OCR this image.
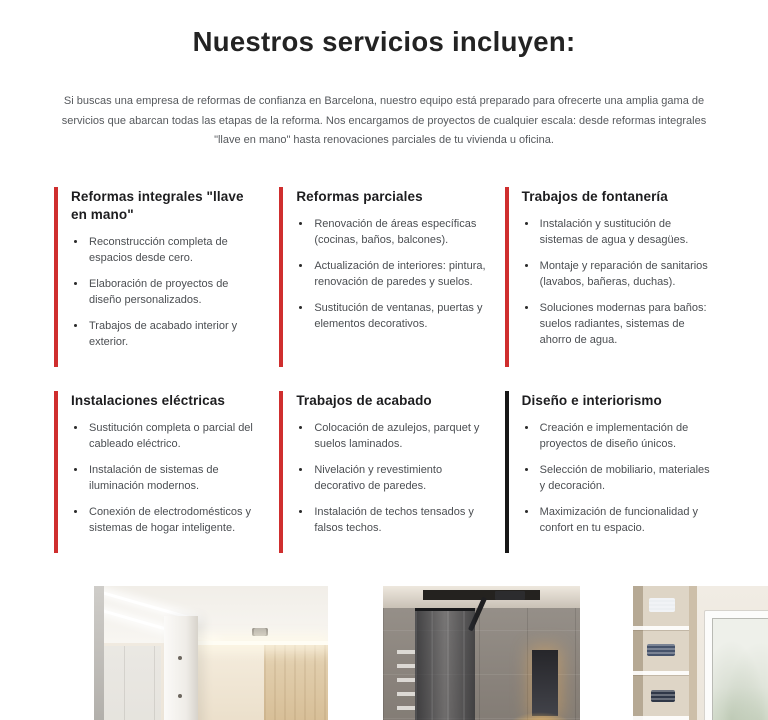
Nuestros servicios incluyen:

Si buscas una empresa de reformas de confianza en Barcelona, nuestro equipo está preparado para ofrecerte una amplia gama de servicios que abarcan todas las etapas de la reforma. Nos encargamos de proyectos de cualquier escala: desde reformas integrales "llave en mano" hasta renovaciones parciales de tu vivienda u oficina.

Reformas integrales "llave en mano"
• Reconstrucción completa de espacios desde cero.
• Elaboración de proyectos de diseño personalizados.
• Trabajos de acabado interior y exterior.
Reformas parciales
• Renovación de áreas específicas (cocinas, baños, balcones).
• Actualización de interiores: pintura, renovación de paredes y suelos.
• Sustitución de ventanas, puertas y elementos decorativos.
Trabajos de fontanería
• Instalación y sustitución de sistemas de agua y desagües.
• Montaje y reparación de sanitarios (lavabos, bañeras, duchas).
• Soluciones modernas para baños: suelos radiantes, sistemas de ahorro de agua.
Instalaciones eléctricas
• Sustitución completa o parcial del cableado eléctrico.
• Instalación de sistemas de iluminación modernos.
• Conexión de electrodomésticos y sistemas de hogar inteligente.
Trabajos de acabado
• Colocación de azulejos, parquet y suelos laminados.
• Nivelación y revestimiento decorativo de paredes.
• Instalación de techos tensados y falsos techos.
Diseño e interiorismo
• Creación e implementación de proyectos de diseño únicos.
• Selección de mobiliario, materiales y decoración.
• Maximización de funcionalidad y confort en tu espacio.
